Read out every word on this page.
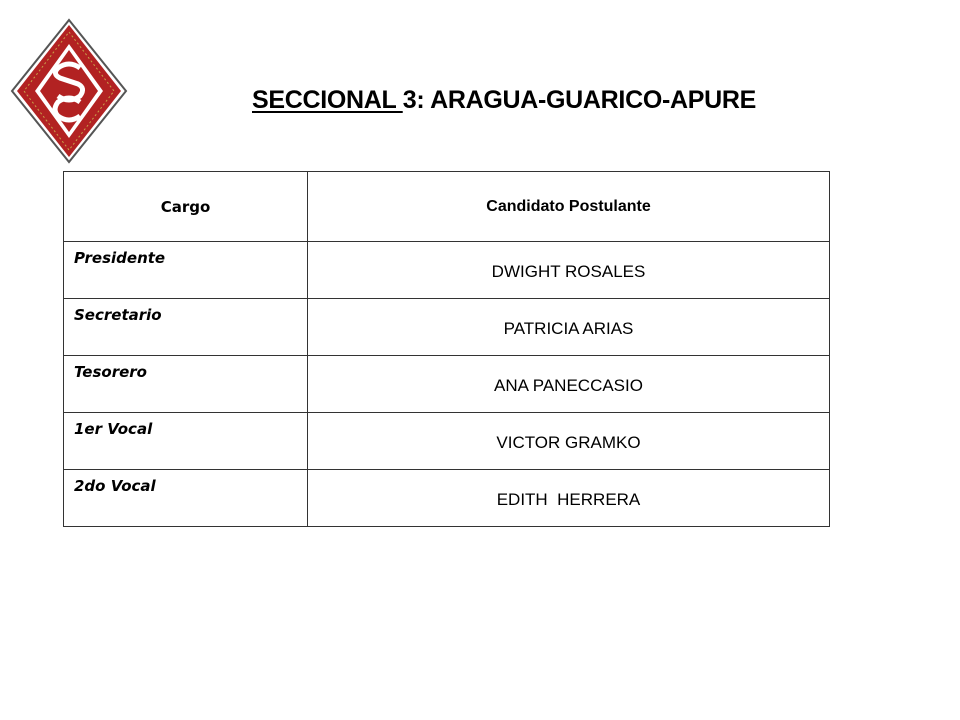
SECCIONAL 3: ARAGUA-GUARICO-APURE
Cargo	Candidato Postulante
Presidente	DWIGHT ROSALES
Secretario	PATRICIA ARIAS
Tesorero	ANA PANECCASIO
1er Vocal	VICTOR GRAMKO
2do Vocal	EDITH  HERRERA
